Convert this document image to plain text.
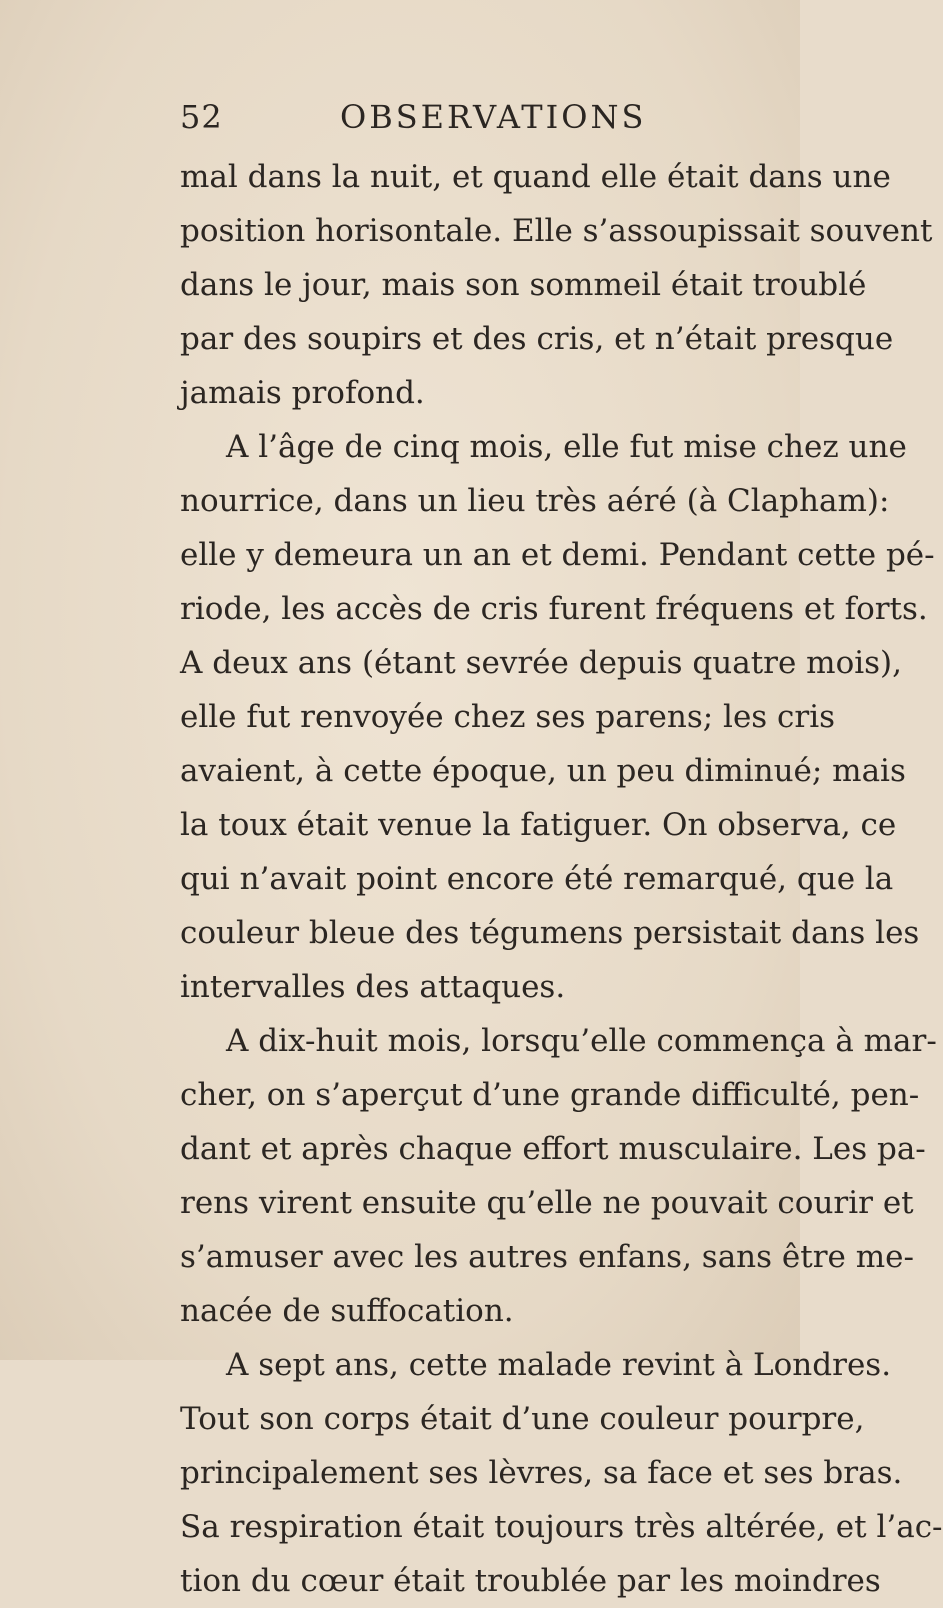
52	OBSERVATIONS
mal dans la nuit, et quand elle était dans une
position horisontale. Elle s’assoupissait souvent
dans le jour, mais son sommeil était troublé
par des soupirs et des cris, et n’était presque
jamais profond.
A l’âge de cinq mois, elle fut mise chez une
nourrice, dans un lieu très aéré (à Clapham):
elle y demeura un an et demi. Pendant cette pé-
riode, les accès de cris furent fréquens et forts.
A deux ans (étant sevrée depuis quatre mois),
elle fut renvoyée chez ses parens; les cris
avaient, à cette époque, un peu diminué; mais
la toux était venue la fatiguer. On observa, ce
qui n’avait point encore été remarqué, que la
couleur bleue des tégumens persistait dans les
intervalles des attaques.
A dix-huit mois, lorsqu’elle commença à mar-
cher, on s’aperçut d’une grande difficulté, pen-
dant et après chaque effort musculaire. Les pa-
rens virent ensuite qu’elle ne pouvait courir et
s’amuser avec les autres enfans, sans être me-
nacée de suffocation.
A sept ans, cette malade revint à Londres.
Tout son corps était d’une couleur pourpre,
principalement ses lèvres, sa face et ses bras.
Sa respiration était toujours très altérée, et l’ac-
tion du cœur était troublée par les moindres
